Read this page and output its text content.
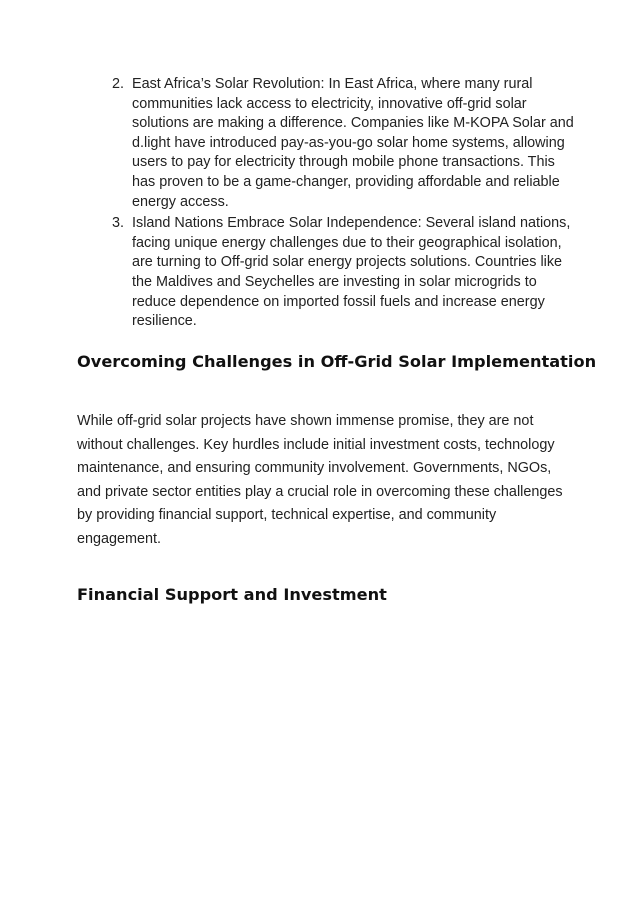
2. East Africa’s Solar Revolution: In East Africa, where many rural communities lack access to electricity, innovative off-grid solar solutions are making a difference. Companies like M-KOPA Solar and d.light have introduced pay-as-you-go solar home systems, allowing users to pay for electricity through mobile phone transactions. This has proven to be a game-changer, providing affordable and reliable energy access.
3. Island Nations Embrace Solar Independence: Several island nations, facing unique energy challenges due to their geographical isolation, are turning to Off-grid solar energy projects solutions. Countries like the Maldives and Seychelles are investing in solar microgrids to reduce dependence on imported fossil fuels and increase energy resilience.
Overcoming Challenges in Off-Grid Solar Implementation

While off-grid solar projects have shown immense promise, they are not without challenges. Key hurdles include initial investment costs, technology maintenance, and ensuring community involvement. Governments, NGOs, and private sector entities play a crucial role in overcoming these challenges by providing financial support, technical expertise, and community engagement.

Financial Support and Investment
